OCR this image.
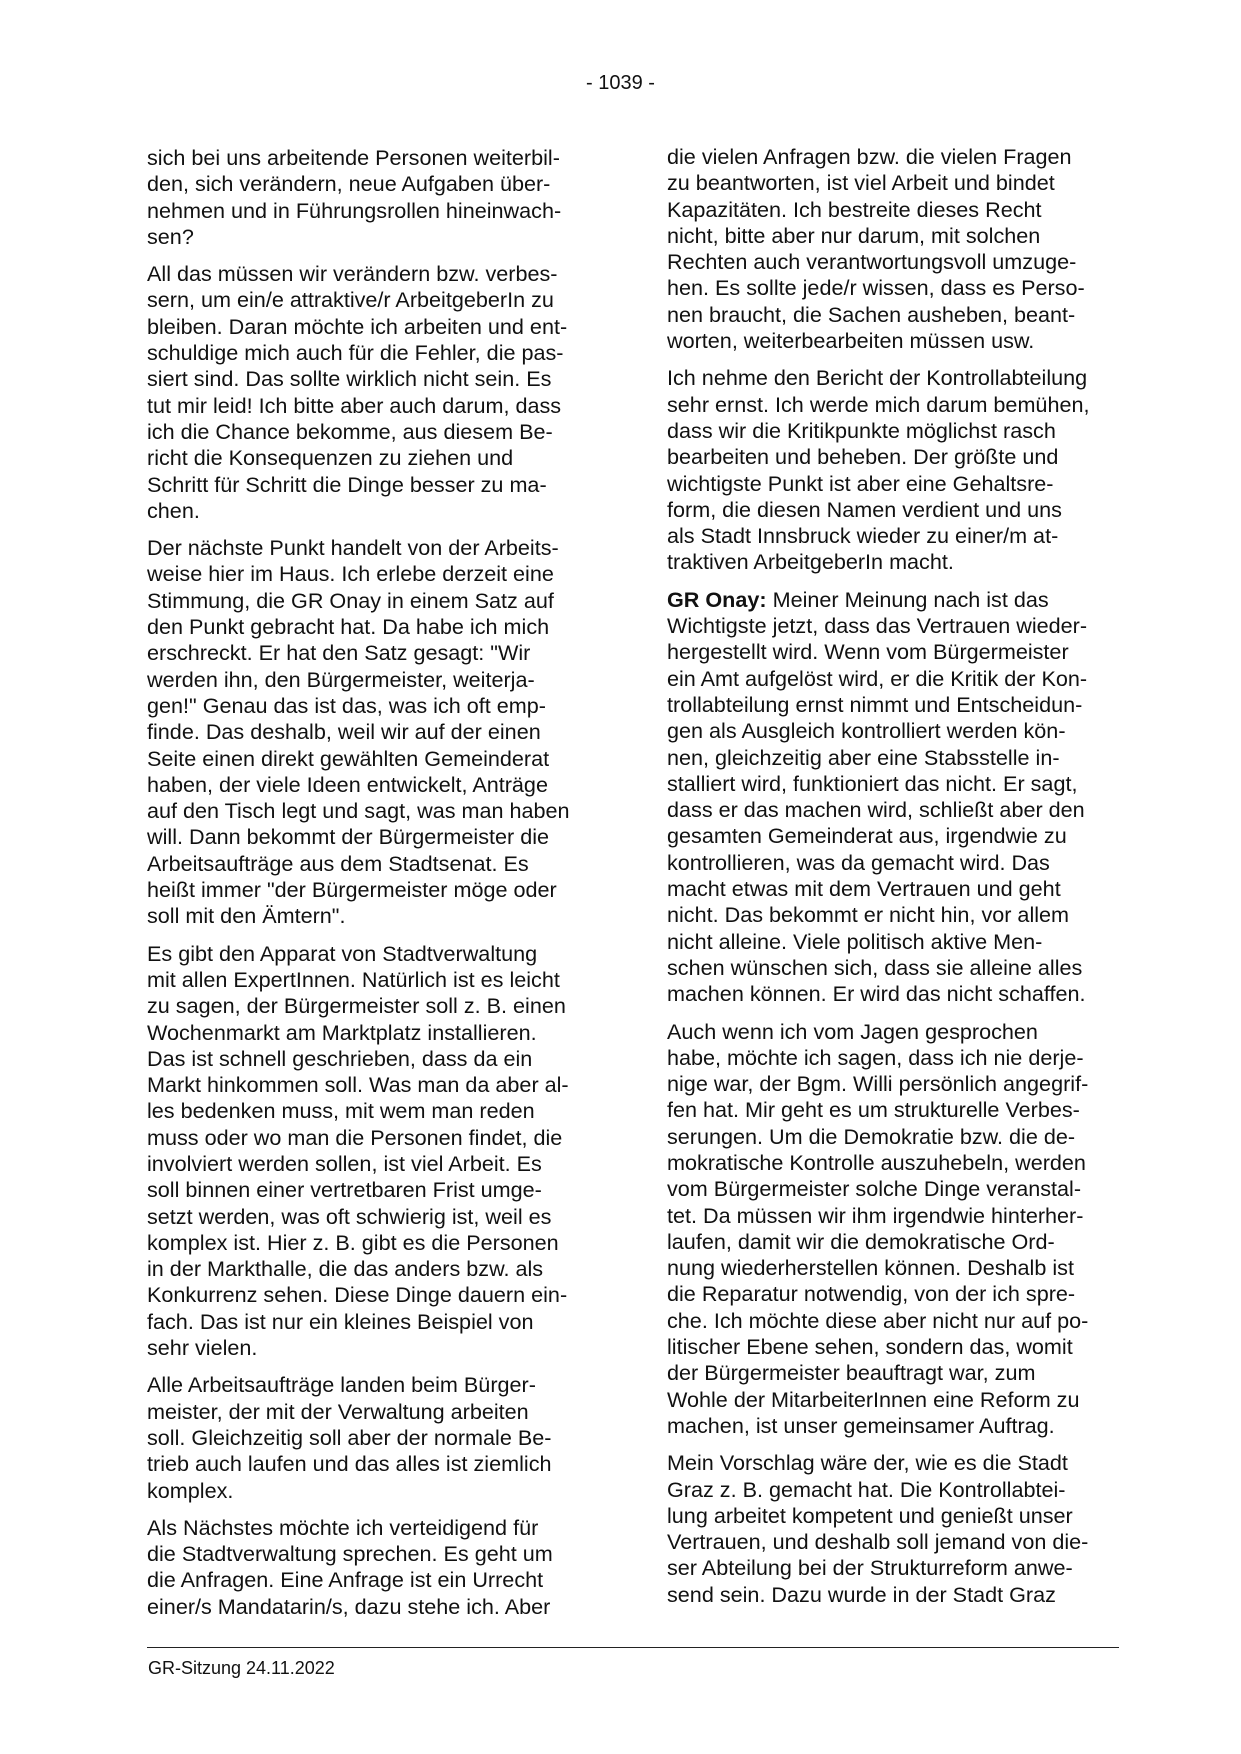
- 1039 -

sich bei uns arbeitende Personen weiterbil-
den, sich verändern, neue Aufgaben über-
nehmen und in Führungsrollen hineinwach-
sen?

All das müssen wir verändern bzw. verbes-
sern, um ein/e attraktive/r ArbeitgeberIn zu
bleiben. Daran möchte ich arbeiten und ent-
schuldige mich auch für die Fehler, die pas-
siert sind. Das sollte wirklich nicht sein. Es
tut mir leid! Ich bitte aber auch darum, dass
ich die Chance bekomme, aus diesem Be-
richt die Konsequenzen zu ziehen und
Schritt für Schritt die Dinge besser zu ma-
chen.

Der nächste Punkt handelt von der Arbeits-
weise hier im Haus. Ich erlebe derzeit eine
Stimmung, die GR Onay in einem Satz auf
den Punkt gebracht hat. Da habe ich mich
erschreckt. Er hat den Satz gesagt: "Wir
werden ihn, den Bürgermeister, weiterja-
gen!" Genau das ist das, was ich oft emp-
finde. Das deshalb, weil wir auf der einen
Seite einen direkt gewählten Gemeinderat
haben, der viele Ideen entwickelt, Anträge
auf den Tisch legt und sagt, was man haben
will. Dann bekommt der Bürgermeister die
Arbeitsaufträge aus dem Stadtsenat. Es
heißt immer "der Bürgermeister möge oder
soll mit den Ämtern".

Es gibt den Apparat von Stadtverwaltung
mit allen ExpertInnen. Natürlich ist es leicht
zu sagen, der Bürgermeister soll z. B. einen
Wochenmarkt am Marktplatz installieren.
Das ist schnell geschrieben, dass da ein
Markt hinkommen soll. Was man da aber al-
les bedenken muss, mit wem man reden
muss oder wo man die Personen findet, die
involviert werden sollen, ist viel Arbeit. Es
soll binnen einer vertretbaren Frist umge-
setzt werden, was oft schwierig ist, weil es
komplex ist. Hier z. B. gibt es die Personen
in der Markthalle, die das anders bzw. als
Konkurrenz sehen. Diese Dinge dauern ein-
fach. Das ist nur ein kleines Beispiel von
sehr vielen.

Alle Arbeitsaufträge landen beim Bürger-
meister, der mit der Verwaltung arbeiten
soll. Gleichzeitig soll aber der normale Be-
trieb auch laufen und das alles ist ziemlich
komplex.

Als Nächstes möchte ich verteidigend für
die Stadtverwaltung sprechen. Es geht um
die Anfragen. Eine Anfrage ist ein Urrecht
einer/s Mandatarin/s, dazu stehe ich. Aber

die vielen Anfragen bzw. die vielen Fragen
zu beantworten, ist viel Arbeit und bindet
Kapazitäten. Ich bestreite dieses Recht
nicht, bitte aber nur darum, mit solchen
Rechten auch verantwortungsvoll umzuge-
hen. Es sollte jede/r wissen, dass es Perso-
nen braucht, die Sachen ausheben, beant-
worten, weiterbearbeiten müssen usw.

Ich nehme den Bericht der Kontrollabteilung
sehr ernst. Ich werde mich darum bemühen,
dass wir die Kritikpunkte möglichst rasch
bearbeiten und beheben. Der größte und
wichtigste Punkt ist aber eine Gehaltsre-
form, die diesen Namen verdient und uns
als Stadt Innsbruck wieder zu einer/m at-
traktiven ArbeitgeberIn macht.

GR Onay: Meiner Meinung nach ist das
Wichtigste jetzt, dass das Vertrauen wieder-
hergestellt wird. Wenn vom Bürgermeister
ein Amt aufgelöst wird, er die Kritik der Kon-
trollabteilung ernst nimmt und Entscheidun-
gen als Ausgleich kontrolliert werden kön-
nen, gleichzeitig aber eine Stabsstelle in-
stalliert wird, funktioniert das nicht. Er sagt,
dass er das machen wird, schließt aber den
gesamten Gemeinderat aus, irgendwie zu
kontrollieren, was da gemacht wird. Das
macht etwas mit dem Vertrauen und geht
nicht. Das bekommt er nicht hin, vor allem
nicht alleine. Viele politisch aktive Men-
schen wünschen sich, dass sie alleine alles
machen können. Er wird das nicht schaffen.

Auch wenn ich vom Jagen gesprochen
habe, möchte ich sagen, dass ich nie derje-
nige war, der Bgm. Willi persönlich angegrif-
fen hat. Mir geht es um strukturelle Verbes-
serungen. Um die Demokratie bzw. die de-
mokratische Kontrolle auszuhebeln, werden
vom Bürgermeister solche Dinge veranstal-
tet. Da müssen wir ihm irgendwie hinterher-
laufen, damit wir die demokratische Ord-
nung wiederherstellen können. Deshalb ist
die Reparatur notwendig, von der ich spre-
che. Ich möchte diese aber nicht nur auf po-
litischer Ebene sehen, sondern das, womit
der Bürgermeister beauftragt war, zum
Wohle der MitarbeiterInnen eine Reform zu
machen, ist unser gemeinsamer Auftrag.

Mein Vorschlag wäre der, wie es die Stadt
Graz z. B. gemacht hat. Die Kontrollabtei-
lung arbeitet kompetent und genießt unser
Vertrauen, und deshalb soll jemand von die-
ser Abteilung bei der Strukturreform anwe-
send sein. Dazu wurde in der Stadt Graz

GR-Sitzung 24.11.2022
